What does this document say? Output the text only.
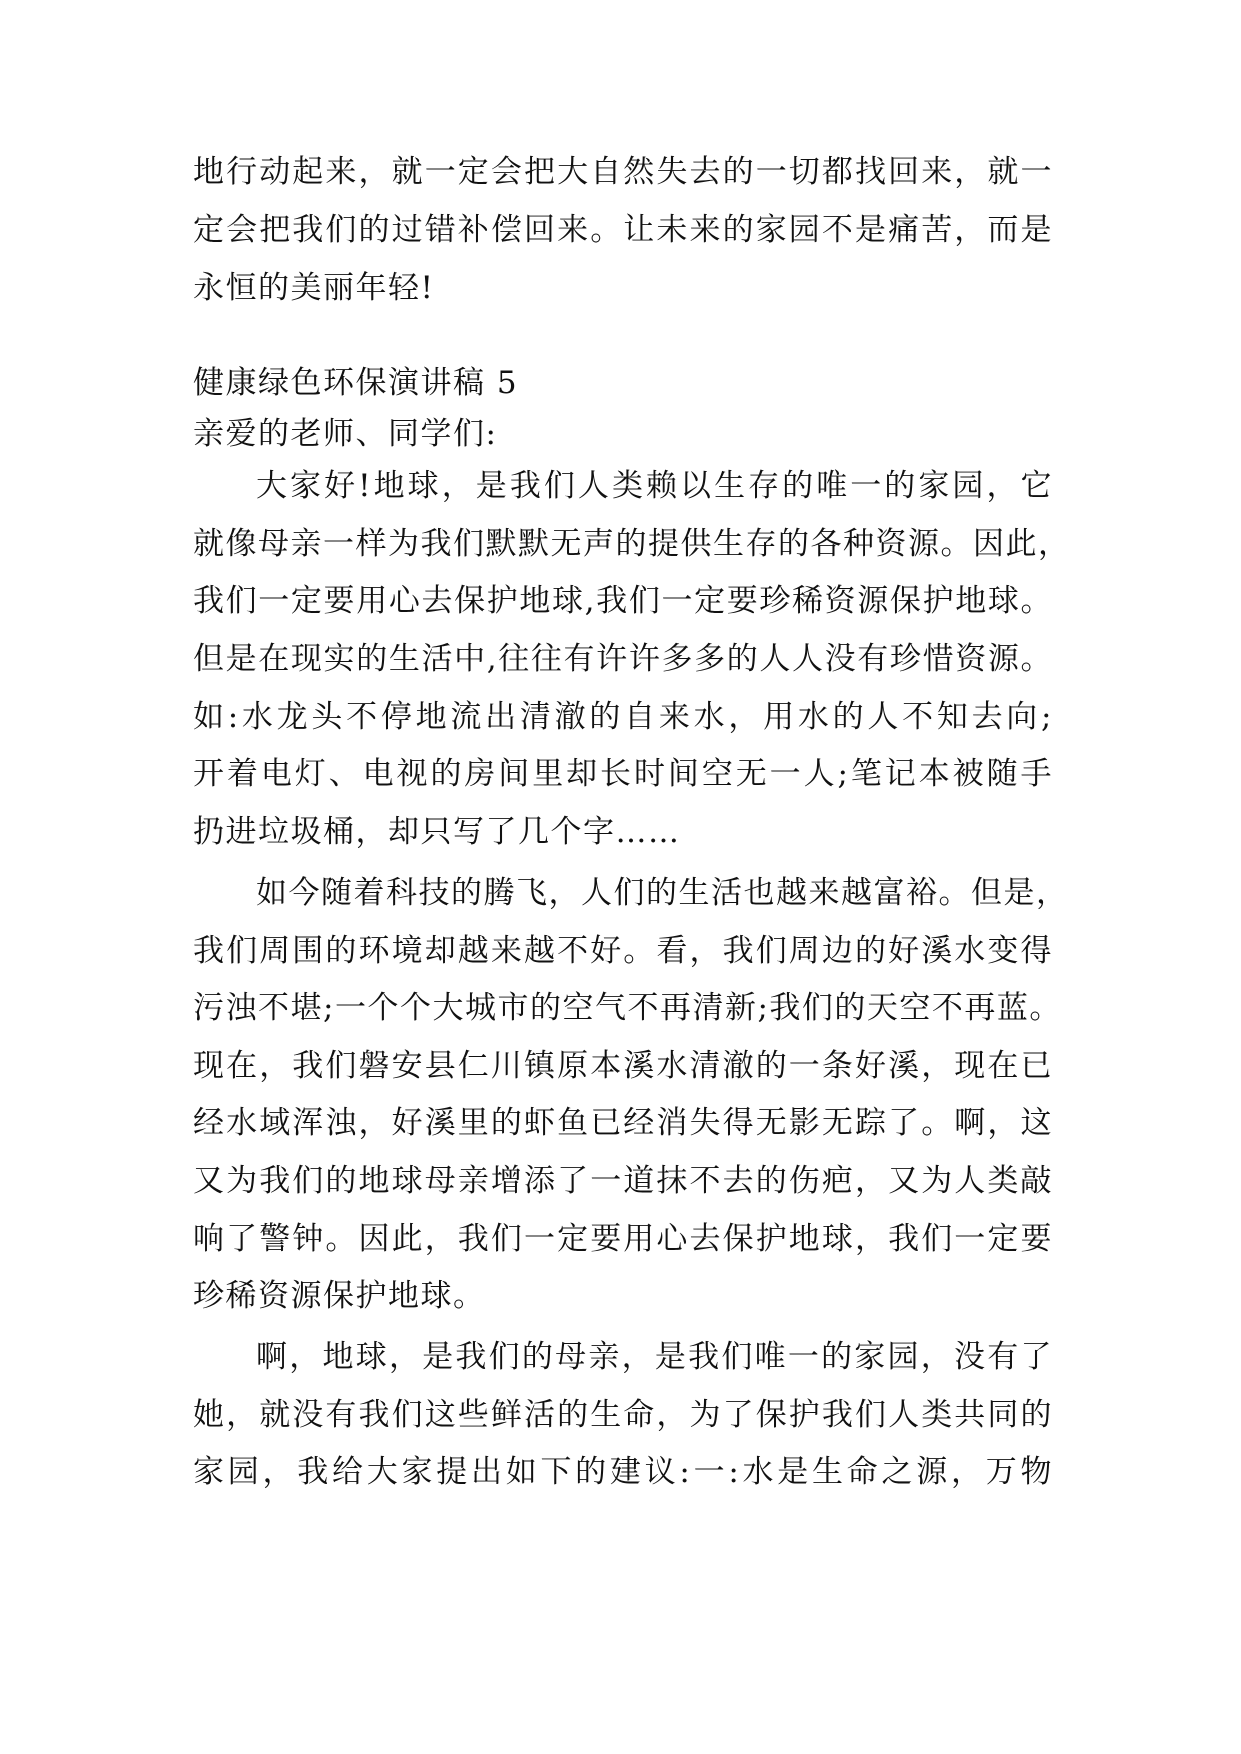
地行动起来，就一定会把大自然失去的一切都找回来，就一
定会把我们的过错补偿回来。让未来的家园不是痛苦，而是
永恒的美丽年轻!
健康绿色环保演讲稿 5
亲爱的老师、同学们:
大家好!地球，是我们人类赖以生存的唯一的家园，它
就像母亲一样为我们默默无声的提供生存的各种资源。因此，
我们一定要用心去保护地球,我们一定要珍稀资源保护地球。
但是在现实的生活中,往往有许许多多的人人没有珍惜资源。
如:水龙头不停地流出清澈的自来水，用水的人不知去向;
开着电灯、电视的房间里却长时间空无一人;笔记本被随手
扔进垃圾桶，却只写了几个字……
如今随着科技的腾飞，人们的生活也越来越富裕。但是，
我们周围的环境却越来越不好。看，我们周边的好溪水变得
污浊不堪;一个个大城市的空气不再清新;我们的天空不再蓝。
现在，我们磐安县仁川镇原本溪水清澈的一条好溪，现在已
经水域浑浊，好溪里的虾鱼已经消失得无影无踪了。啊，这
又为我们的地球母亲增添了一道抹不去的伤疤，又为人类敲
响了警钟。因此，我们一定要用心去保护地球，我们一定要
珍稀资源保护地球。
啊，地球，是我们的母亲，是我们唯一的家园，没有了
她，就没有我们这些鲜活的生命，为了保护我们人类共同的
家园，我给大家提出如下的建议:一:水是生命之源，万物
